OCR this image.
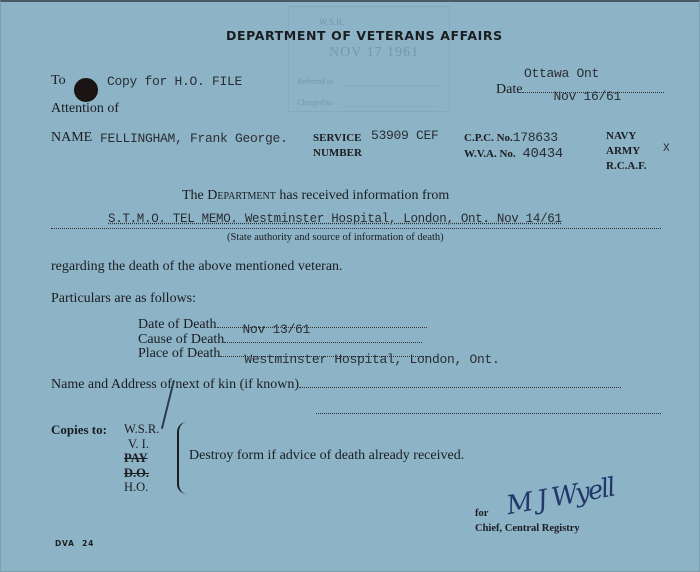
W.S.R.
NOV 17 1961
Referred to
Charged to
DEPARTMENT OF VETERANS AFFAIRS
To	Copy for H.O. FILE
Attention of
Ottawa Ont
Date Nov 16/61
NAME FELLINGHAM, Frank George. SERVICE
NUMBER
53909 CEF C.P.C. No.178633
W.V.A. No. 40434
NAVY
ARMY X
R.C.A.F.
The Department has received information from
S.T.M.O. TEL MEMO. Westminster Hospital, London, Ont. Nov 14/61
(State authority and source of information of death)
regarding the death of the above mentioned veteran.
Particulars are as follows:
Date of Death Nov 13/61
Cause of Death
Place of Death Westminster Hospital, London, Ont.
Name and Address of next of kin (if known)
Copies to: W.S.R.
V. I.
PAY
D.O.
H.O.
Destroy form if advice of death already received.
M J Wyell
for
Chief, Central Registry
DVA 24
